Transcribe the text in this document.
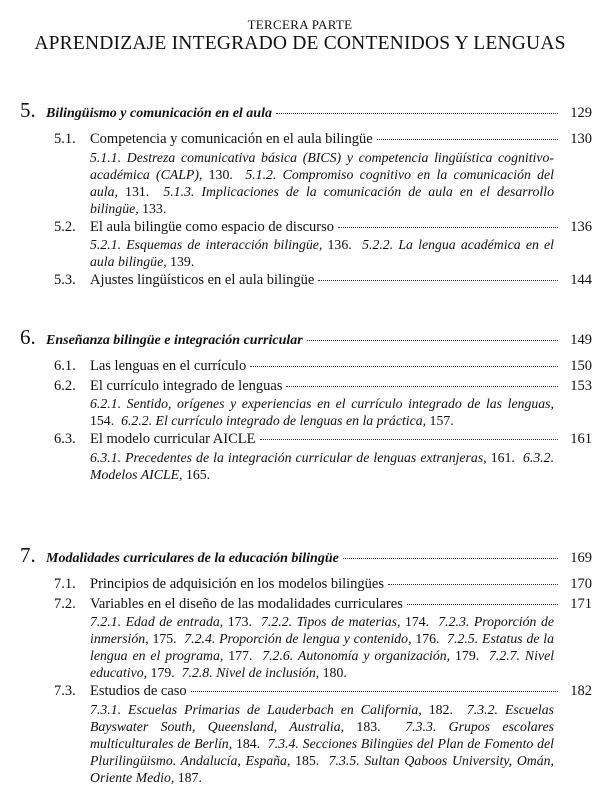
TERCERA PARTE
APRENDIZAJE INTEGRADO DE CONTENIDOS Y LENGUAS
5. Bilingüismo y comunicación en el aula	129
5.1. Competencia y comunicación en el aula bilingüe	130
5.1.1. Destreza comunicativa básica (BICS) y competencia lingüística cognitivo-académica (CALP), 130. 5.1.2. Compromiso cognitivo en la comunicación del aula, 131. 5.1.3. Implicaciones de la comunicación de aula en el desarrollo bilingüe, 133.
5.2. El aula bilingüe como espacio de discurso	136
5.2.1. Esquemas de interacción bilingüe, 136. 5.2.2. La lengua académica en el aula bilingüe, 139.
5.3. Ajustes lingüísticos en el aula bilingüe	144
6. Enseñanza bilingüe e integración curricular	149
6.1. Las lenguas en el currículo	150
6.2. El currículo integrado de lenguas	153
6.2.1. Sentido, orígenes y experiencias en el currículo integrado de las lenguas, 154. 6.2.2. El currículo integrado de lenguas en la práctica, 157.
6.3. El modelo curricular AICLE	161
6.3.1. Precedentes de la integración curricular de lenguas extranjeras, 161. 6.3.2. Modelos AICLE, 165.
7. Modalidades curriculares de la educación bilingüe	169
7.1. Principios de adquisición en los modelos bilingües	170
7.2. Variables en el diseño de las modalidades curriculares	171
7.2.1. Edad de entrada, 173. 7.2.2. Tipos de materias, 174. 7.2.3. Proporción de inmersión, 175. 7.2.4. Proporción de lengua y contenido, 176. 7.2.5. Estatus de la lengua en el programa, 177. 7.2.6. Autonomía y organización, 179. 7.2.7. Nivel educativo, 179. 7.2.8. Nivel de inclusión, 180.
7.3. Estudios de caso	182
7.3.1. Escuelas Primarias de Lauderbach en California, 182. 7.3.2. Escuelas Bayswater South, Queensland, Australia, 183. 7.3.3. Grupos escolares multiculturales de Berlín, 184. 7.3.4. Secciones Bilingües del Plan de Fomento del Plurilingüismo. Andalucía, España, 185. 7.3.5. Sultan Qaboos University, Omán, Oriente Medio, 187.
